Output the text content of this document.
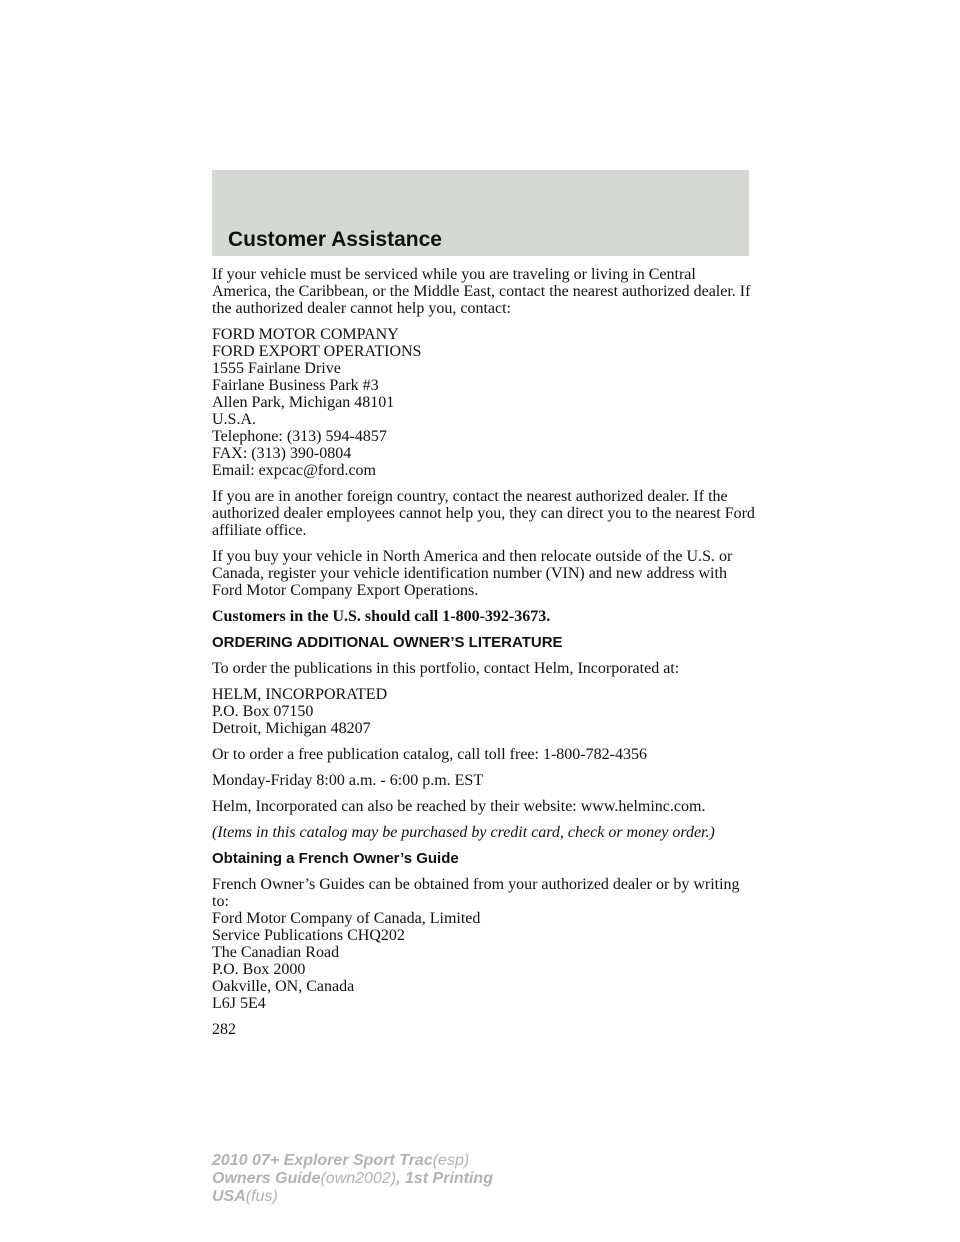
Customer Assistance

If your vehicle must be serviced while you are traveling or living in Central America, the Caribbean, or the Middle East, contact the nearest authorized dealer. If the authorized dealer cannot help you, contact:

FORD MOTOR COMPANY
FORD EXPORT OPERATIONS
1555 Fairlane Drive
Fairlane Business Park #3
Allen Park, Michigan 48101
U.S.A.
Telephone: (313) 594-4857
FAX: (313) 390-0804
Email: expcac@ford.com

If you are in another foreign country, contact the nearest authorized dealer. If the authorized dealer employees cannot help you, they can direct you to the nearest Ford affiliate office.

If you buy your vehicle in North America and then relocate outside of the U.S. or Canada, register your vehicle identification number (VIN) and new address with Ford Motor Company Export Operations.

Customers in the U.S. should call 1-800-392-3673.

ORDERING ADDITIONAL OWNER’S LITERATURE

To order the publications in this portfolio, contact Helm, Incorporated at:

HELM, INCORPORATED
P.O. Box 07150
Detroit, Michigan 48207

Or to order a free publication catalog, call toll free: 1-800-782-4356

Monday-Friday 8:00 a.m. - 6:00 p.m. EST

Helm, Incorporated can also be reached by their website: www.helminc.com.

(Items in this catalog may be purchased by credit card, check or money order.)

Obtaining a French Owner’s Guide
French Owner’s Guides can be obtained from your authorized dealer or by writing to:
Ford Motor Company of Canada, Limited
Service Publications CHQ202
The Canadian Road
P.O. Box 2000
Oakville, ON, Canada
L6J 5E4

282

2010 07+ Explorer Sport Trac(esp)
Owners Guide(own2002), 1st Printing
USA(fus)
